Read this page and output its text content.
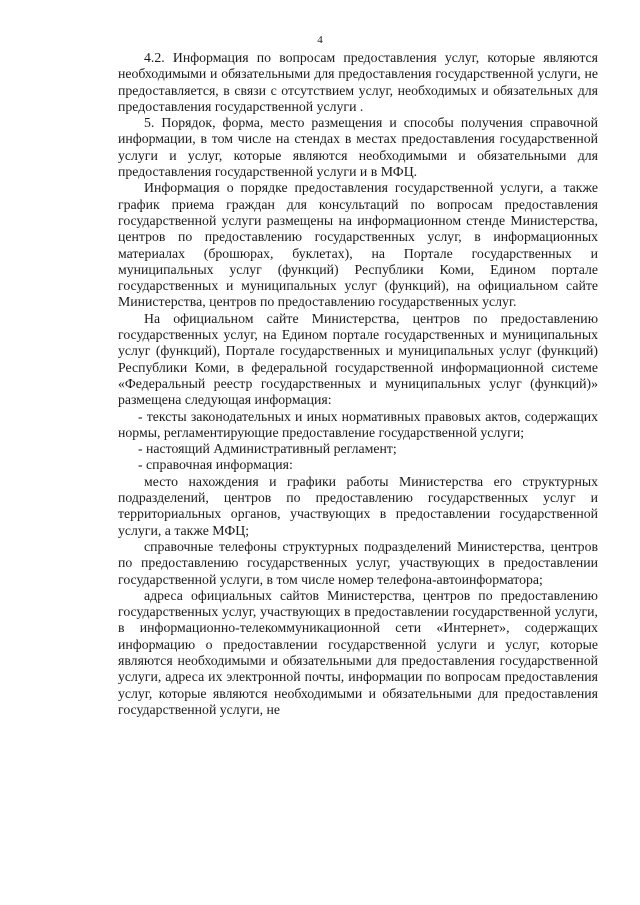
4

4.2. Информация по вопросам предоставления услуг, которые являются необходимыми и обязательными для предоставления государственной услуги, не предоставляется, в связи с отсутствием услуг, необходимых и обязательных для предоставления государственной услуги .

5. Порядок, форма, место размещения и способы получения справочной информации, в том числе на стендах в местах предоставления государственной услуги и услуг, которые являются необходимыми и обязательными для предоставления государственной услуги и в МФЦ.

Информация о порядке предоставления государственной услуги, а также график приема граждан для консультаций по вопросам предоставления государственной услуги размещены на информационном стенде Министерства, центров по предоставлению государственных услуг, в информационных материалах (брошюрах, буклетах), на Портале государственных и муниципальных услуг (функций) Республики Коми, Едином портале государственных и муниципальных услуг (функций), на официальном сайте Министерства, центров по предоставлению государственных услуг.

На официальном сайте Министерства, центров по предоставлению государственных услуг, на Едином портале государственных и муниципальных услуг (функций), Портале государственных и муниципальных услуг (функций) Республики Коми, в федеральной государственной информационной системе «Федеральный реестр государственных и муниципальных услуг (функций)» размещена следующая информация:

- тексты законодательных и иных нормативных правовых актов, содержащих нормы, регламентирующие предоставление государственной услуги;

- настоящий Административный регламент;

- справочная информация:

место нахождения и графики работы Министерства его структурных подразделений, центров по предоставлению государственных услуг и территориальных органов, участвующих в предоставлении государственной услуги, а также МФЦ;

справочные телефоны структурных подразделений Министерства, центров по предоставлению государственных услуг, участвующих в предоставлении государственной услуги, в том числе номер телефона-автоинформатора;

адреса официальных сайтов Министерства, центров по предоставлению государственных услуг, участвующих в предоставлении государственной услуги, в информационно-телекоммуникационной сети «Интернет», содержащих информацию о предоставлении государственной услуги и услуг, которые являются необходимыми и обязательными для предоставления государственной услуги, адреса их электронной почты, информации по вопросам предоставления услуг, которые являются необходимыми и обязательными для предоставления государственной услуги, не
